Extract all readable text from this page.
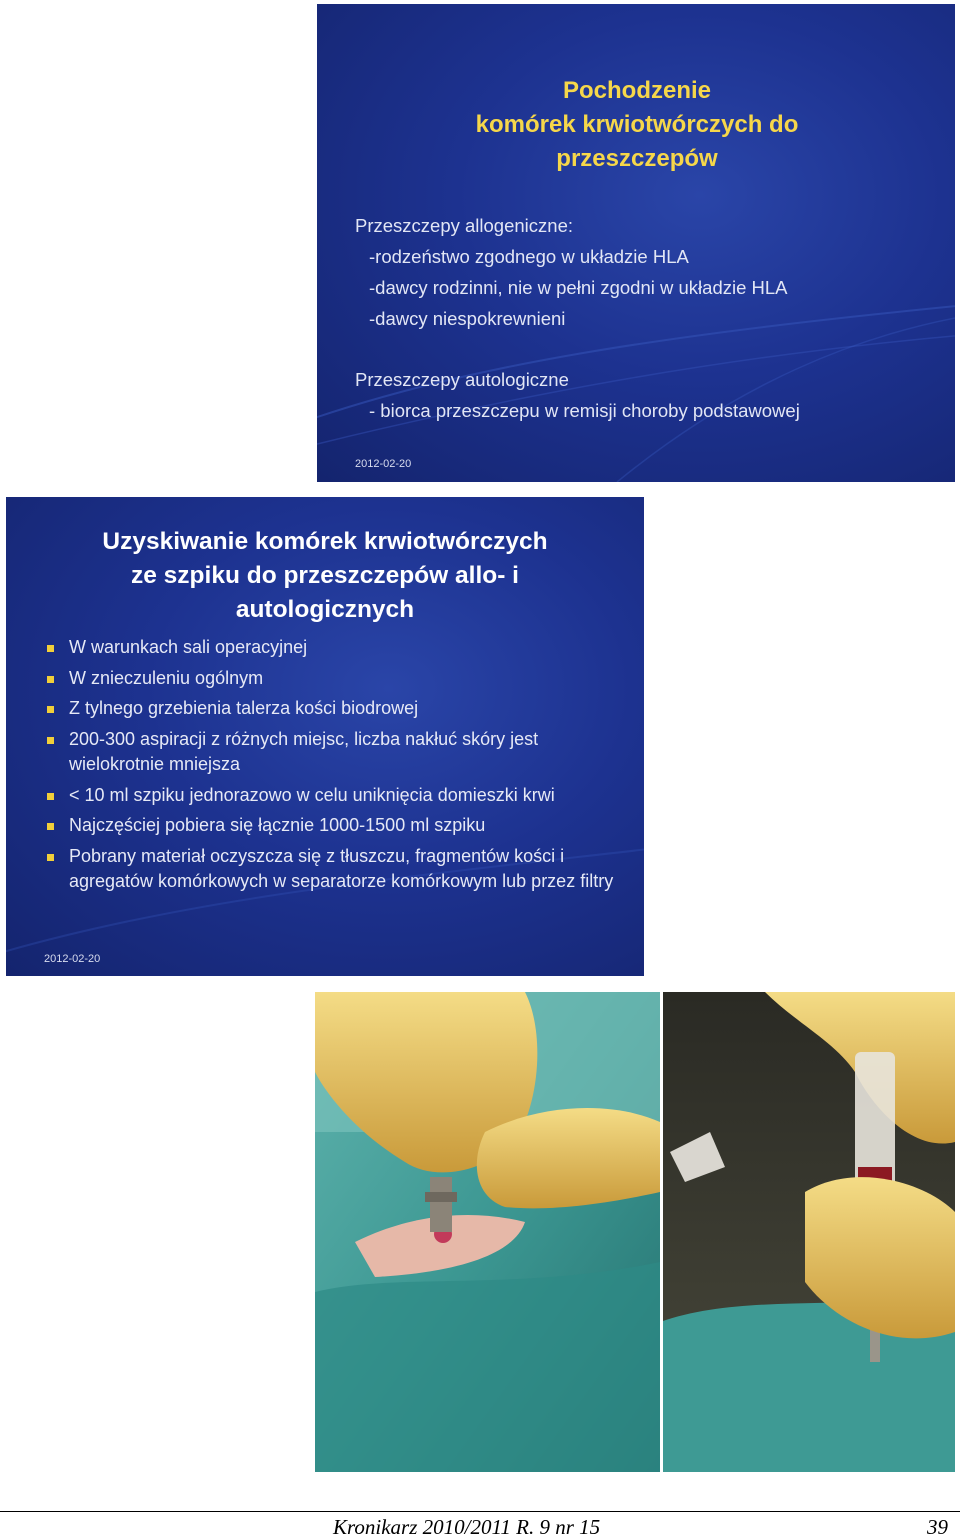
Pochodzenie
komórek krwiotwórczych do
przeszczepów
Przeszczepy allogeniczne:
-rodzeństwo zgodnego w układzie HLA
-dawcy rodzinni, nie w pełni zgodni w układzie HLA
-dawcy niespokrewnieni
Przeszczepy autologiczne
- biorca przeszczepu w remisji choroby podstawowej
2012-02-20
Uzyskiwanie komórek krwiotwórczych
ze szpiku do przeszczepów allo- i
autologicznych
W warunkach sali operacyjnej
W znieczuleniu ogólnym
Z tylnego grzebienia talerza kości biodrowej
200-300 aspiracji z różnych miejsc, liczba nakłuć skóry jest wielokrotnie mniejsza
< 10 ml szpiku jednorazowo w celu uniknięcia domieszki krwi
Najczęściej pobiera się łącznie 1000-1500 ml szpiku
Pobrany materiał oczyszcza się z tłuszczu, fragmentów kości i agregatów komórkowych w separatorze komórkowym lub przez filtry
2012-02-20
Kronikarz 2010/2011 R. 9 nr 15	39
